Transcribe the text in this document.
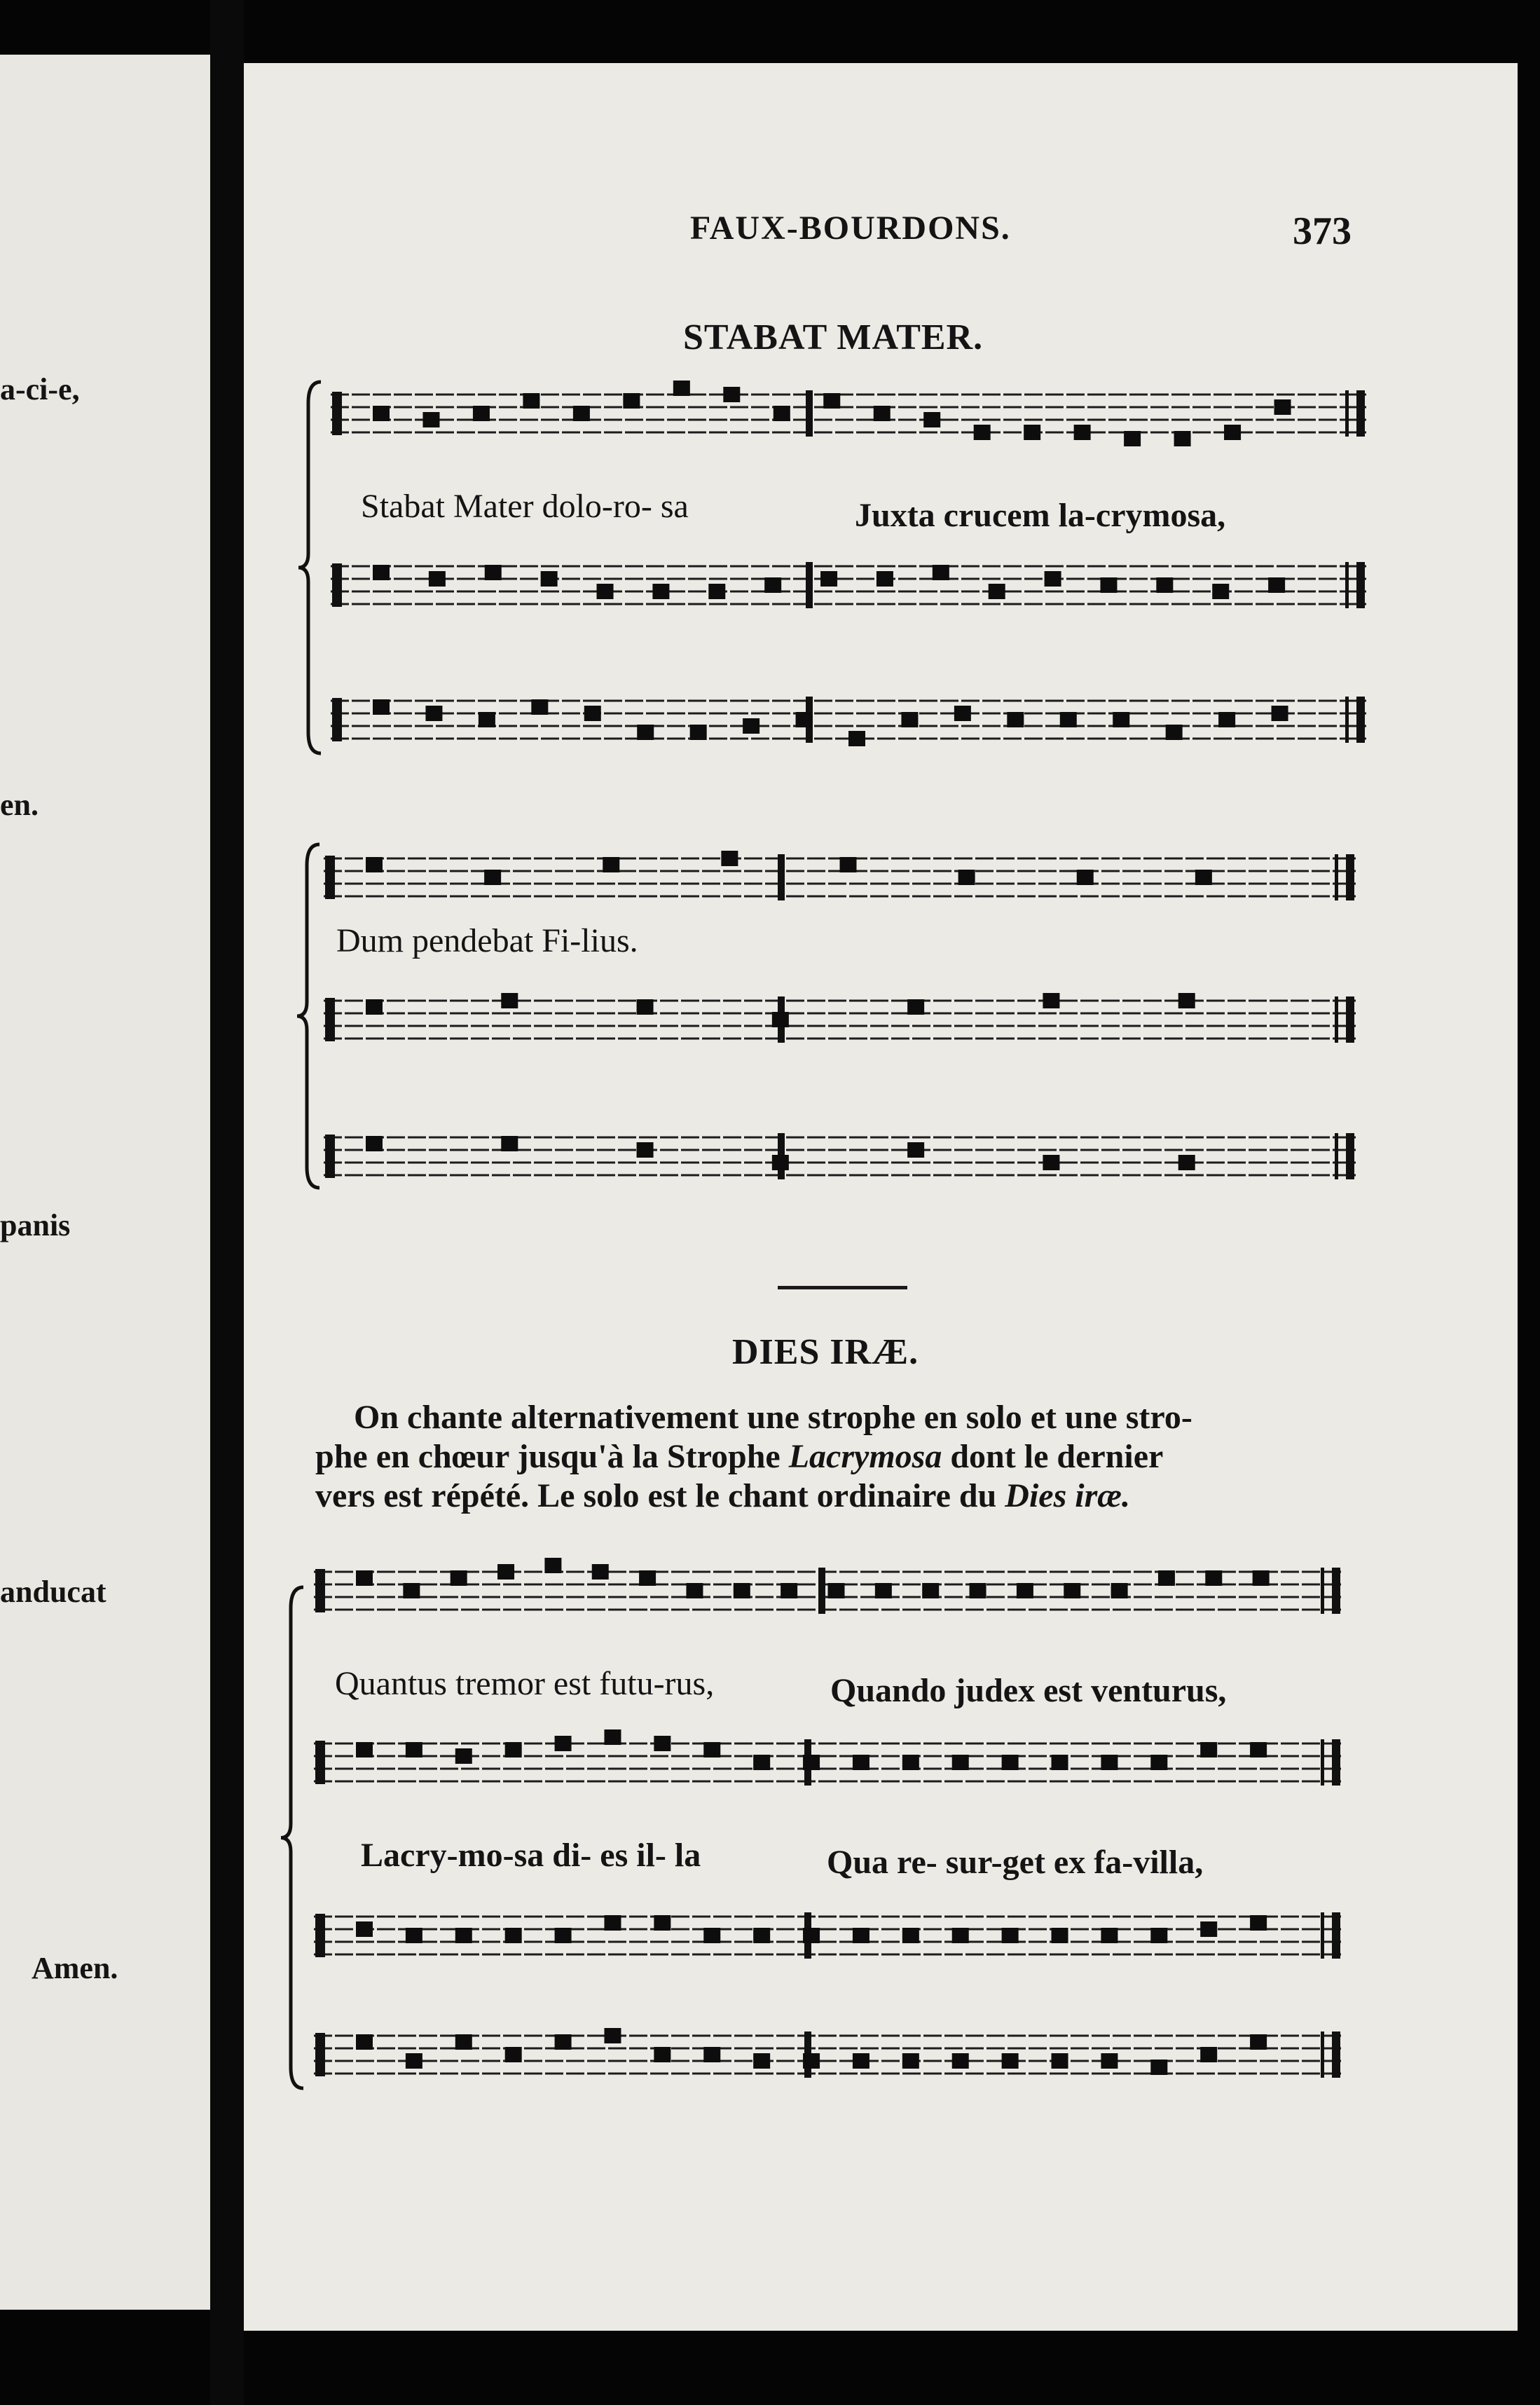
a-ci-e,
en.
panis
anducat
Amen.
FAUX-BOURDONS.	373
STABAT MATER.
Stabat Mater dolo-ro- sa	Juxta crucem la-crymosa,
Dum pendebat Fi-lius.
DIES IRÆ.
On chante alternativement une strophe en solo et une stro-
phe en chœur jusqu'à la Strophe Lacrymosa dont le dernier
vers est répété. Le solo est le chant ordinaire du Dies iræ.
Quantus tremor est futu-rus,	Quando judex est venturus,
Lacry-mo-sa di- es il- la	Qua re- sur-get ex fa-villa,
